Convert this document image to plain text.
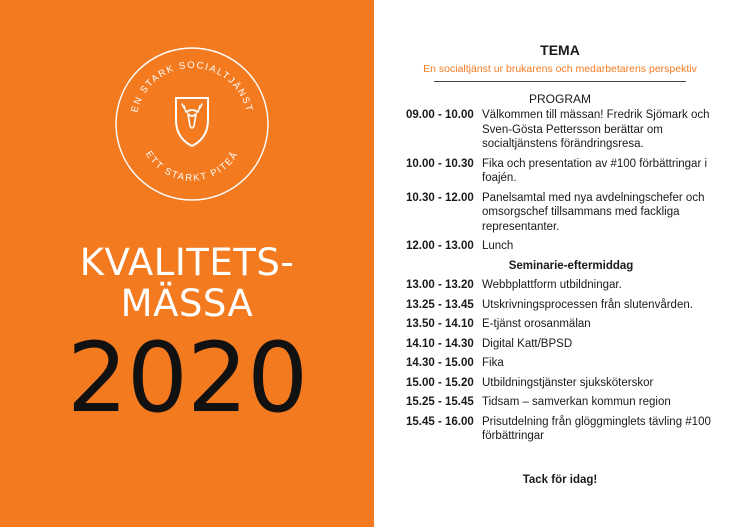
EN STARK SOCIALTJÄNST
ETT STARKT PITEÅ
KVALITETS-
MÄSSA
2020
TEMA
En socialtjänst ur brukarens och medarbetarens perspektiv
PROGRAM
09.00 - 10.00 Välkommen till mässan! Fredrik Sjömark och Sven-Gösta Pettersson berättar om socialtjänstens förändringsresa.
10.00 - 10.30 Fika och presentation av #100 förbättringar i foajén.
10.30 - 12.00 Panelsamtal med nya avdelningschefer och omsorgschef tillsammans med fackliga representanter.
12.00 - 13.00 Lunch
Seminarie-eftermiddag
13.00 - 13.20 Webbplattform utbildningar.
13.25 - 13.45 Utskrivningsprocessen från slutenvården.
13.50 - 14.10 E-tjänst orosanmälan
14.10 - 14.30 Digital Katt/BPSD
14.30 - 15.00 Fika
15.00 - 15.20 Utbildningstjänster sjuksköterskor
15.25 - 15.45 Tidsam – samverkan kommun region
15.45 - 16.00 Prisutdelning från glöggminglets tävling #100 förbättringar
Tack för idag!
